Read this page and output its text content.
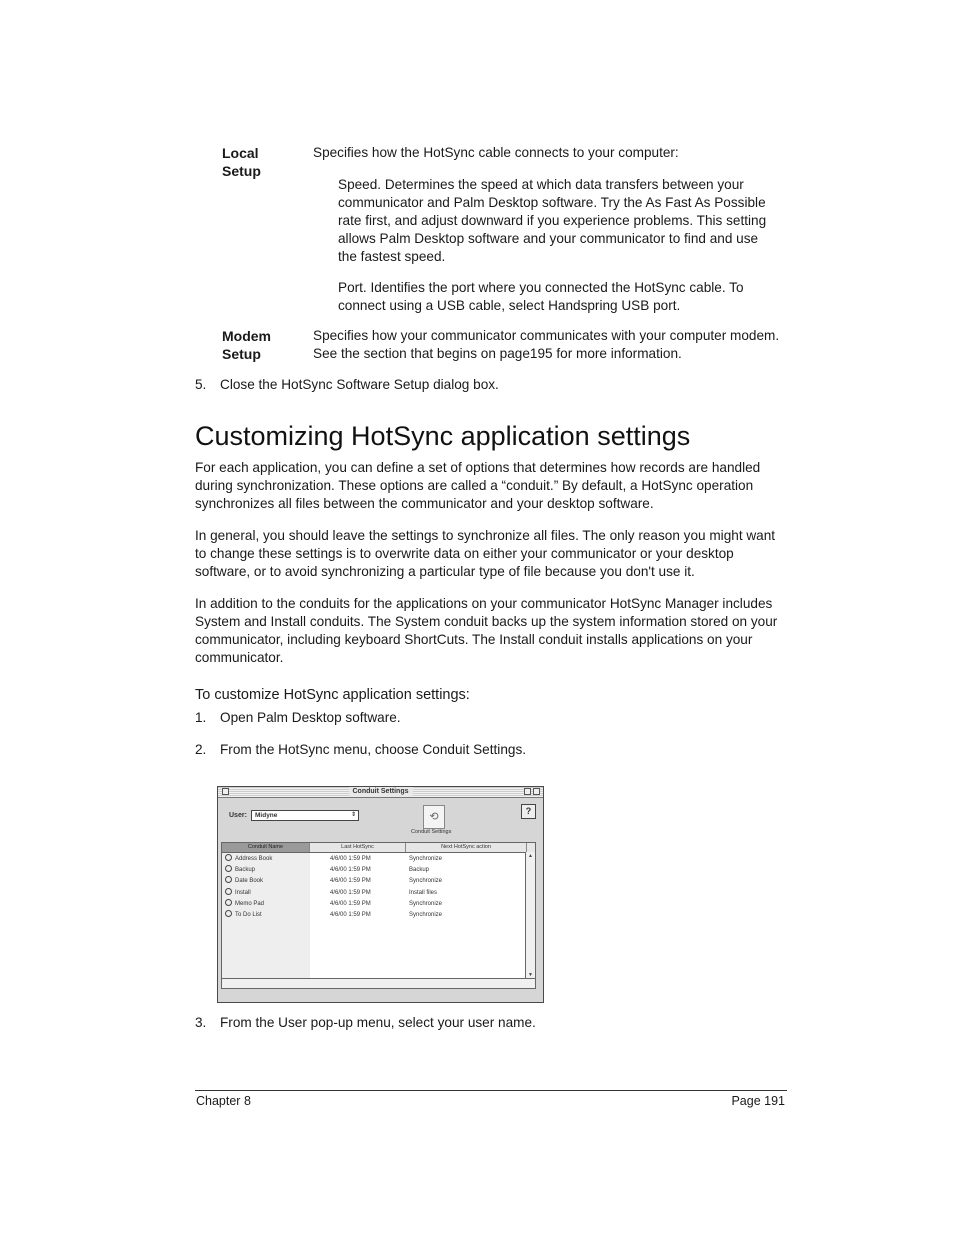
Local
Setup

Specifies how the HotSync cable connects to your computer:

Speed. Determines the speed at which data transfers between your communicator and Palm Desktop software. Try the As Fast As Possible rate first, and adjust downward if you experience problems. This setting allows Palm Desktop software and your communicator to find and use the fastest speed.

Port. Identifies the port where you connected the HotSync cable. To connect using a USB cable, select Handspring USB port.

Modem
Setup

Specifies how your communicator communicates with your computer modem. See the section that begins on page195 for more information.

5. Close the HotSync Software Setup dialog box.
Customizing HotSync application settings

For each application, you can define a set of options that determines how records are handled during synchronization. These options are called a “conduit.” By default, a HotSync operation synchronizes all files between the communicator and your desktop software.

In general, you should leave the settings to synchronize all files. The only reason you might want to change these settings is to overwrite data on either your communicator or your desktop software, or to avoid synchronizing a particular type of file because you don't use it.

In addition to the conduits for the applications on your communicator HotSync Manager includes System and Install conduits. The System conduit backs up the system information stored on your communicator, including keyboard ShortCuts. The Install conduit installs applications on your communicator.

To customize HotSync application settings:
1. Open Palm Desktop software.
2. From the HotSync menu, choose Conduit Settings.
Conduit Settings
?
User:	Midyne	⇕	⟲
Conduit Settings
Conduit Name	Last HotSync	Next HotSync action
Address Book	4/6/00 1:59 PM	Synchronize
Backup	4/6/00 1:59 PM	Backup
Date Book	4/6/00 1:59 PM	Synchronize
Install	4/6/00 1:59 PM	Install files
Memo Pad	4/6/00 1:59 PM	Synchronize
To Do List	4/6/00 1:59 PM	Synchronize
▲
▼
3. From the User pop-up menu, select your user name.
Chapter 8	Page 191
